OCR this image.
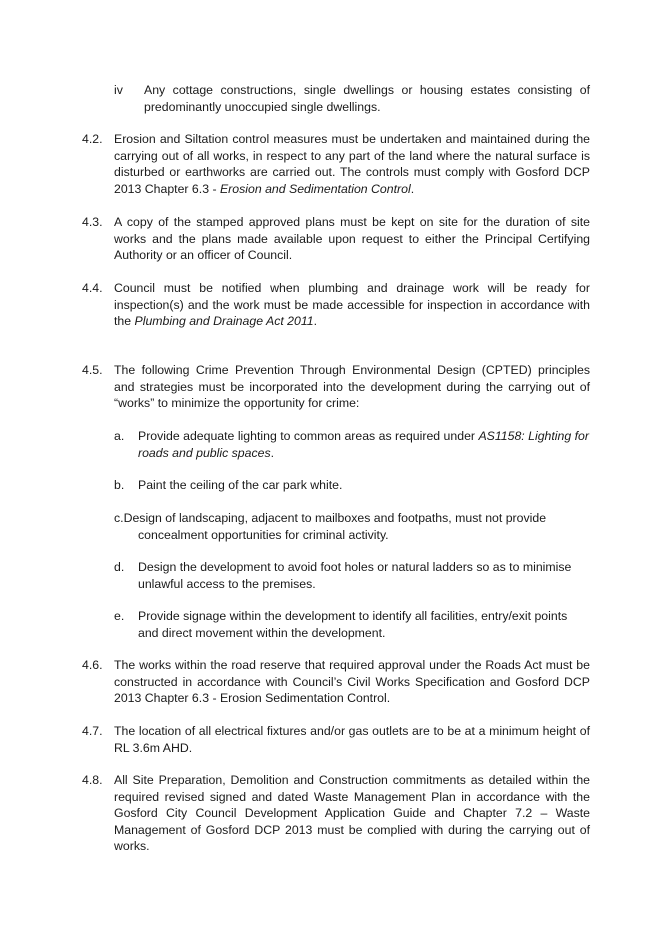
iv	Any cottage constructions, single dwellings or housing estates consisting of predominantly unoccupied single dwellings.

4.2. Erosion and Siltation control measures must be undertaken and maintained during the carrying out of all works, in respect to any part of the land where the natural surface is disturbed or earthworks are carried out. The controls must comply with Gosford DCP 2013 Chapter 6.3 - Erosion and Sedimentation Control.

4.3. A copy of the stamped approved plans must be kept on site for the duration of site works and the plans made available upon request to either the Principal Certifying Authority or an officer of Council.

4.4. Council must be notified when plumbing and drainage work will be ready for inspection(s) and the work must be made accessible for inspection in accordance with the Plumbing and Drainage Act 2011.

4.5. The following Crime Prevention Through Environmental Design (CPTED) principles and strategies must be incorporated into the development during the carrying out of “works” to minimize the opportunity for crime:

a.	Provide adequate lighting to common areas as required under AS1158: Lighting for roads and public spaces.

b.	Paint the ceiling of the car park white.

c.Design of landscaping, adjacent to mailboxes and footpaths, must not provide

concealment opportunities for criminal activity.

d.	Design the development to avoid foot holes or natural ladders so as to minimise unlawful access to the premises.

e.	Provide signage within the development to identify all facilities, entry/exit points and direct movement within the development.

4.6. The works within the road reserve that required approval under the Roads Act must be constructed in accordance with Council’s Civil Works Specification and Gosford DCP 2013 Chapter 6.3 - Erosion Sedimentation Control.

4.7. The location of all electrical fixtures and/or gas outlets are to be at a minimum height of RL 3.6m AHD.

4.8. All Site Preparation, Demolition and Construction commitments as detailed within the required revised signed and dated Waste Management Plan in accordance with the Gosford City Council Development Application Guide and Chapter 7.2 – Waste Management of Gosford DCP 2013 must be complied with during the carrying out of works.
